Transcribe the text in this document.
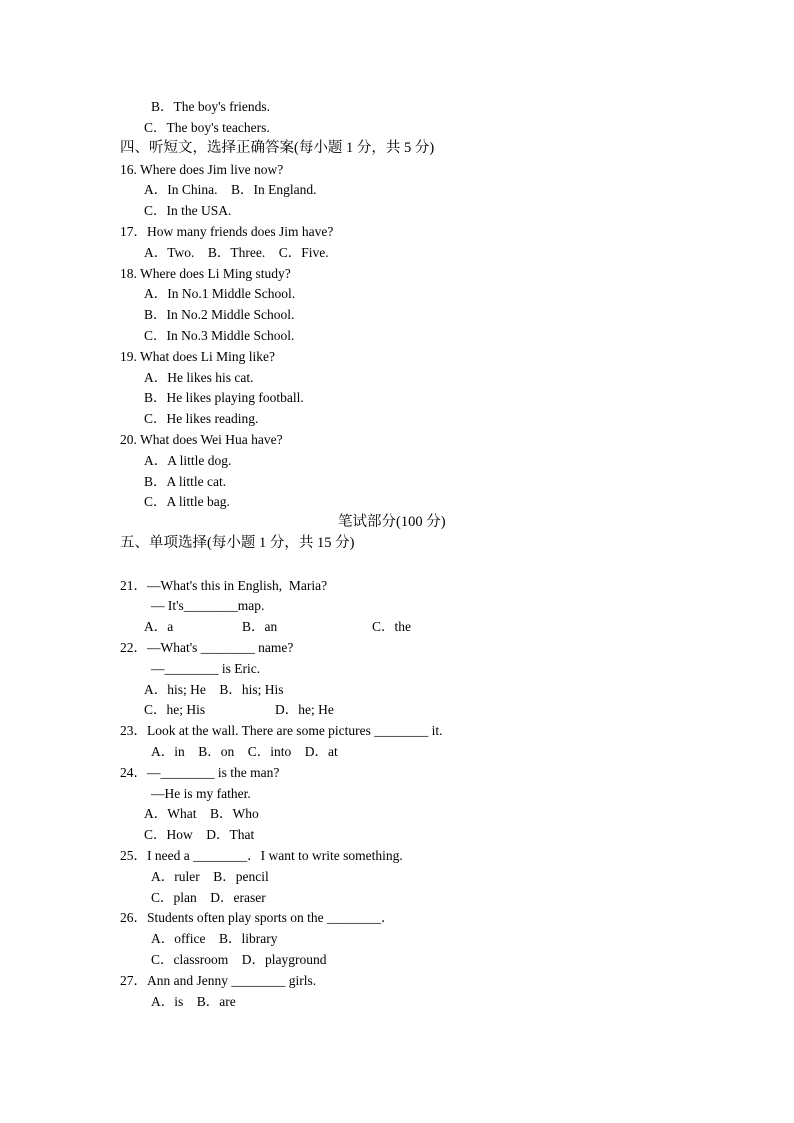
B．The boy's friends.
C．The boy's teachers.
四、听短文，选择正确答案(每小题 1 分，共 5 分)
16. Where does Jim live now?
A．In China.    B．In England.
C．In the USA.
17．How many friends does Jim have?
A．Two.    B．Three.    C．Five.
18. Where does Li Ming study?
A．In No.1 Middle School.
B．In No.2 Middle School.
C．In No.3 Middle School.
19. What does Li Ming like?
A．He likes his cat.
B．He likes playing football.
C．He likes reading.
20. What does Wei Hua have?
A．A little dog.
B．A little cat.
C．A little bag.
笔试部分(100 分)
五、单项选择(每小题 1 分，共 15 分)
21．—What's this in English,  Maria?
— It's________map.
A．a	B．an	C．the
22．—What's ________ name?
—________ is Eric.
A．his; He    B．his; His
C．he; His	D．he; He
23．Look at the wall. There are some pictures ________ it.
A．in    B．on    C．into    D．at
24．—________ is the man?
—He is my father.
A．What    B．Who
C．How    D．That
25．I need a ________．I want to write something.
A．ruler    B．pencil
C．plan    D．eraser
26．Students often play sports on the ________．
A．office    B．library
C．classroom    D．playground
27．Ann and Jenny ________ girls.
A．is    B．are
